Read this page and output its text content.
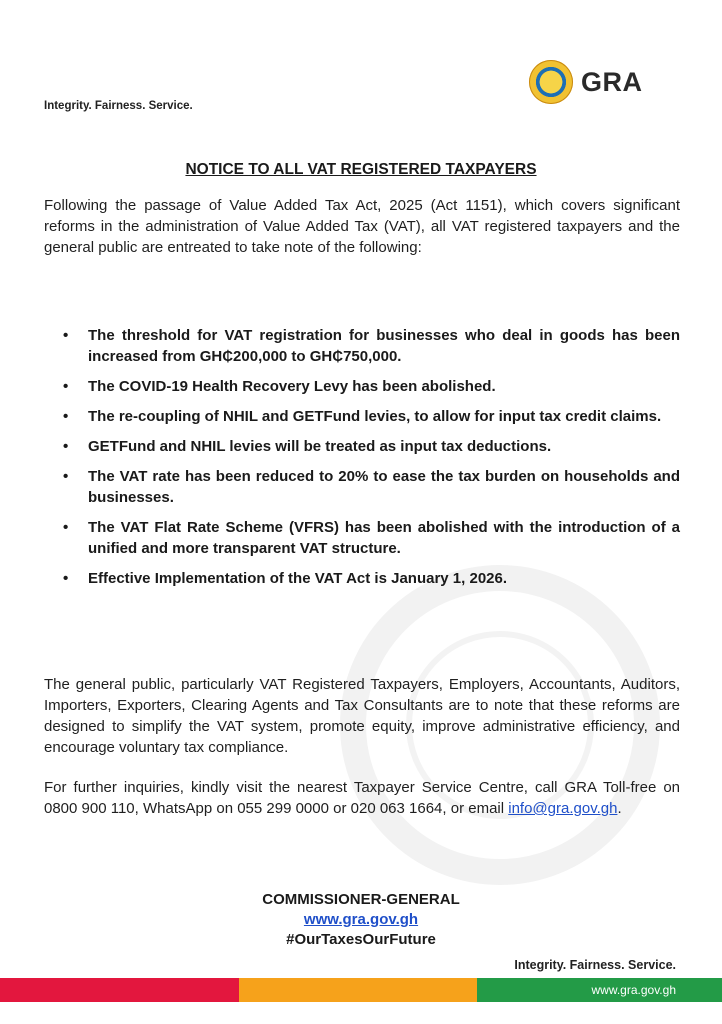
Integrity. Fairness. Service.
GRA
NOTICE TO ALL VAT REGISTERED TAXPAYERS

Following the passage of Value Added Tax Act, 2025 (Act 1151), which covers significant reforms in the administration of Value Added Tax (VAT), all VAT registered taxpayers and the general public are entreated to take note of the following:

• The threshold for VAT registration for businesses who deal in goods has been increased from GH₵200,000 to GH₵750,000.
• The COVID-19 Health Recovery Levy has been abolished.
• The re-coupling of NHIL and GETFund levies, to allow for input tax credit claims.
• GETFund and NHIL levies will be treated as input tax deductions.
• The VAT rate has been reduced to 20% to ease the tax burden on households and businesses.
• The VAT Flat Rate Scheme (VFRS) has been abolished with the introduction of a unified and more transparent VAT structure.
• Effective Implementation of the VAT Act is January 1, 2026.

The general public, particularly VAT Registered Taxpayers, Employers, Accountants, Auditors, Importers, Exporters, Clearing Agents and Tax Consultants are to note that these reforms are designed to simplify the VAT system, promote equity, improve administrative efficiency, and encourage voluntary tax compliance.

For further inquiries, kindly visit the nearest Taxpayer Service Centre, call GRA Toll-free on 0800 900 110, WhatsApp on 055 299 0000 or 020 063 1664, or email info@gra.gov.gh.

COMMISSIONER-GENERAL
www.gra.gov.gh
#OurTaxesOurFuture
Integrity. Fairness. Service.
www.gra.gov.gh
